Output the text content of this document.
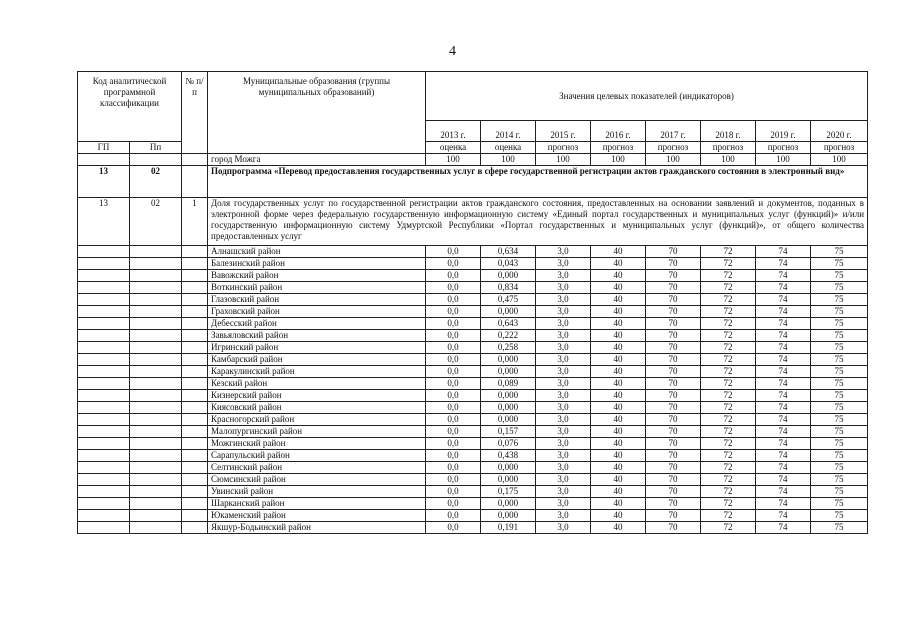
4
Код аналитической программной классификации		№ п/п	Муниципальные образования (группы муниципальных образований)	Значения целевых показателей (индикаторов)							
				2013 г.	2014 г.	2015 г.	2016 г.	2017 г.	2018 г.	2019 г.	2020 г.
ГП	Пп			оценка	оценка	прогноз	прогноз	прогноз	прогноз	прогноз	прогноз
			город Можга	100	100	100	100	100	100	100	100
13	02		Подпрограмма «Перевод предоставления государственных услуг в сфере государственной регистрации актов гражданского состояния в электронный вид»								
13	02	1	Доля государственных услуг по государственной регистрации актов гражданского состояния, предоставленных на основании заявлений и документов, поданных в электронной форме через федеральную государственную информационную систему «Единый портал государственных и муниципальных услуг (функций)» и/или государственную информационную систему Удмуртской Республики «Портал государственных и муниципальных услуг (функций)», от общего количества предоставленных услуг								
			Алнашский район	0,0	0,634	3,0	40	70	72	74	75
			Балезинский район	0,0	0,043	3,0	40	70	72	74	75
			Вавожский район	0,0	0,000	3,0	40	70	72	74	75
			Воткинский район	0,0	0,834	3,0	40	70	72	74	75
			Глазовский район	0,0	0,475	3,0	40	70	72	74	75
			Граховский район	0,0	0,000	3,0	40	70	72	74	75
			Дебесский район	0,0	0,643	3,0	40	70	72	74	75
			Завьяловский район	0,0	0,222	3,0	40	70	72	74	75
			Игринский район	0,0	0,258	3,0	40	70	72	74	75
			Камбарский район	0,0	0,000	3,0	40	70	72	74	75
			Каракулинский район	0,0	0,000	3,0	40	70	72	74	75
			Кезский район	0,0	0,089	3,0	40	70	72	74	75
			Кизнерский район	0,0	0,000	3,0	40	70	72	74	75
			Киясовский район	0,0	0,000	3,0	40	70	72	74	75
			Красногорский район	0,0	0,000	3,0	40	70	72	74	75
			Малопургинский район	0,0	0,157	3,0	40	70	72	74	75
			Можгинский район	0,0	0,076	3,0	40	70	72	74	75
			Сарапульский район	0,0	0,438	3,0	40	70	72	74	75
			Селтинский район	0,0	0,000	3,0	40	70	72	74	75
			Сюмсинский район	0,0	0,000	3,0	40	70	72	74	75
			Увинский район	0,0	0,175	3,0	40	70	72	74	75
			Шарканский район	0,0	0,000	3,0	40	70	72	74	75
			Юкаменский район	0,0	0,000	3,0	40	70	72	74	75
			Якшур-Бодьинский район	0,0	0,191	3,0	40	70	72	74	75
